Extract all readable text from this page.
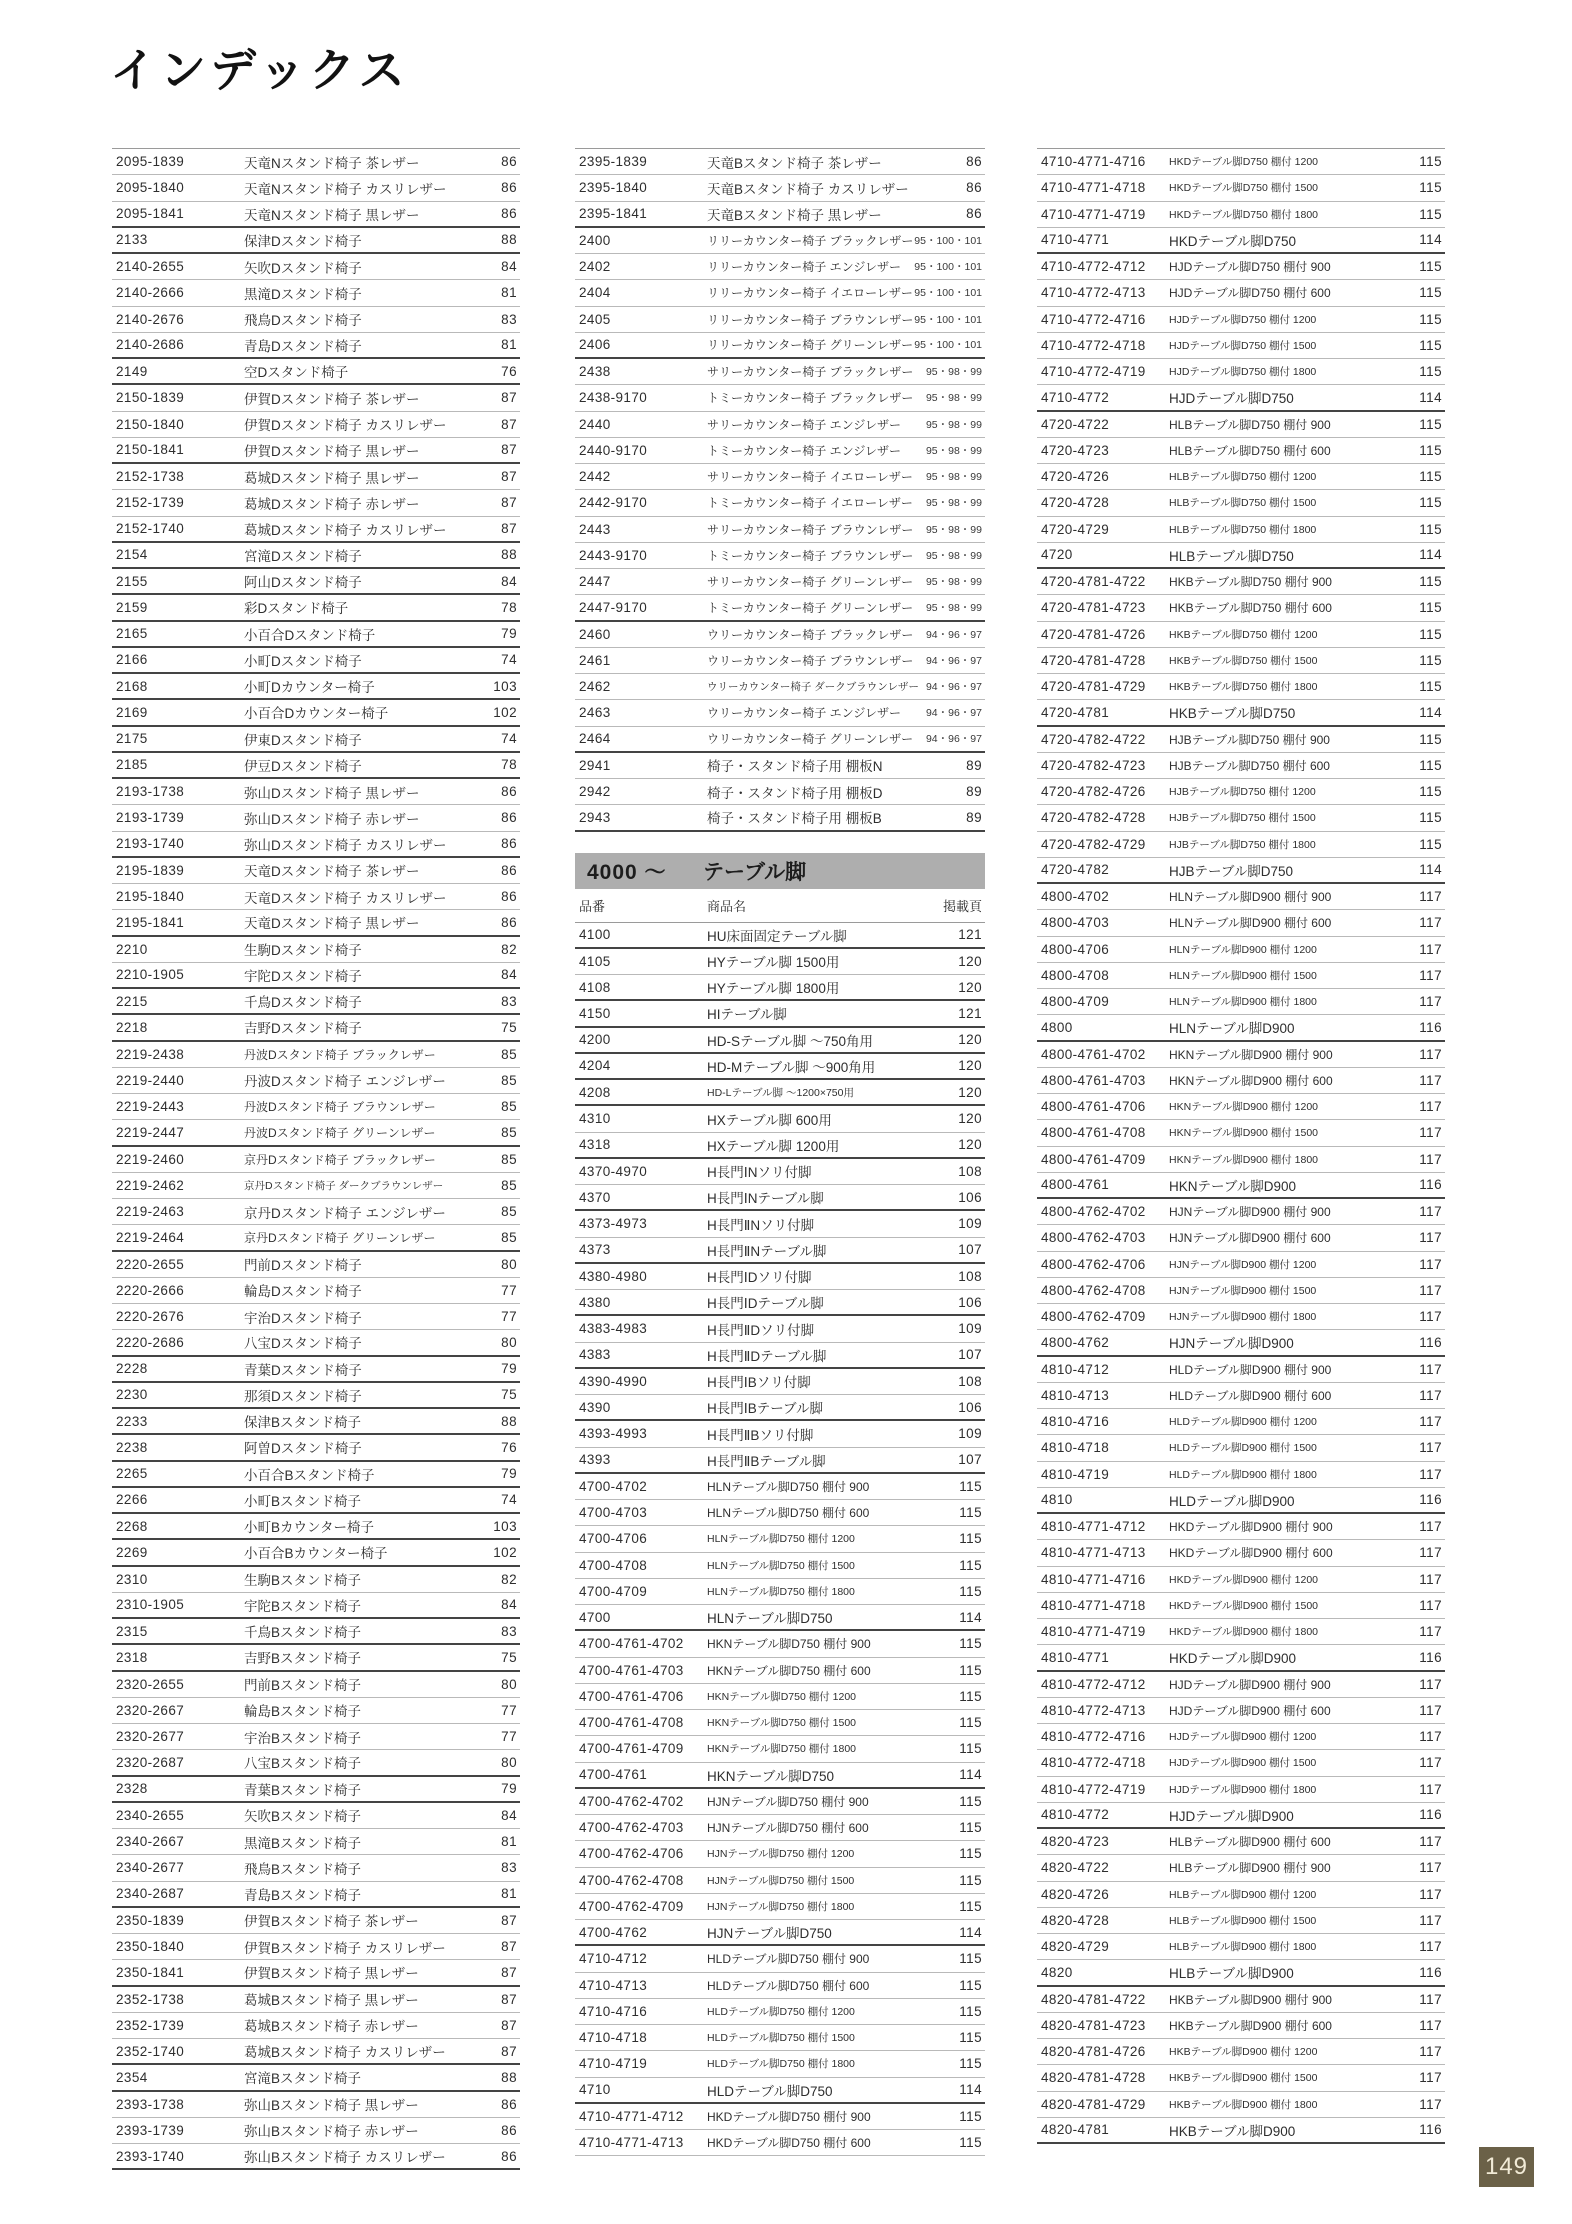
インデックス
2095-1839	天竜Nスタンド椅子 茶レザー	86
2095-1840	天竜Nスタンド椅子 カスリレザー	86
2095-1841	天竜Nスタンド椅子 黒レザー	86
2133	保津Dスタンド椅子	88
2140-2655	矢吹Dスタンド椅子	84
2140-2666	黒滝Dスタンド椅子	81
2140-2676	飛鳥Dスタンド椅子	83
2140-2686	青島Dスタンド椅子	81
2149	空Dスタンド椅子	76
2150-1839	伊賀Dスタンド椅子 茶レザー	87
2150-1840	伊賀Dスタンド椅子 カスリレザー	87
2150-1841	伊賀Dスタンド椅子 黒レザー	87
2152-1738	葛城Dスタンド椅子 黒レザー	87
2152-1739	葛城Dスタンド椅子 赤レザー	87
2152-1740	葛城Dスタンド椅子 カスリレザー	87
2154	宮滝Dスタンド椅子	88
2155	阿山Dスタンド椅子	84
2159	彩Dスタンド椅子	78
2165	小百合Dスタンド椅子	79
2166	小町Dスタンド椅子	74
2168	小町Dカウンター椅子	103
2169	小百合Dカウンター椅子	102
2175	伊東Dスタンド椅子	74
2185	伊豆Dスタンド椅子	78
2193-1738	弥山Dスタンド椅子 黒レザー	86
2193-1739	弥山Dスタンド椅子 赤レザー	86
2193-1740	弥山Dスタンド椅子 カスリレザー	86
2195-1839	天竜Dスタンド椅子 茶レザー	86
2195-1840	天竜Dスタンド椅子 カスリレザー	86
2195-1841	天竜Dスタンド椅子 黒レザー	86
2210	生駒Dスタンド椅子	82
2210-1905	宇陀Dスタンド椅子	84
2215	千鳥Dスタンド椅子	83
2218	吉野Dスタンド椅子	75
2219-2438	丹波Dスタンド椅子 ブラックレザー	85
2219-2440	丹波Dスタンド椅子 エンジレザー	85
2219-2443	丹波Dスタンド椅子 ブラウンレザー	85
2219-2447	丹波Dスタンド椅子 グリーンレザー	85
2219-2460	京丹Dスタンド椅子 ブラックレザー	85
2219-2462	京丹Dスタンド椅子 ダークブラウンレザー	85
2219-2463	京丹Dスタンド椅子 エンジレザー	85
2219-2464	京丹Dスタンド椅子 グリーンレザー	85
2220-2655	門前Dスタンド椅子	80
2220-2666	輪島Dスタンド椅子	77
2220-2676	宇治Dスタンド椅子	77
2220-2686	八宝Dスタンド椅子	80
2228	青葉Dスタンド椅子	79
2230	那須Dスタンド椅子	75
2233	保津Bスタンド椅子	88
2238	阿曽Dスタンド椅子	76
2265	小百合Bスタンド椅子	79
2266	小町Bスタンド椅子	74
2268	小町Bカウンター椅子	103
2269	小百合Bカウンター椅子	102
2310	生駒Bスタンド椅子	82
2310-1905	宇陀Bスタンド椅子	84
2315	千鳥Bスタンド椅子	83
2318	吉野Bスタンド椅子	75
2320-2655	門前Bスタンド椅子	80
2320-2667	輪島Bスタンド椅子	77
2320-2677	宇治Bスタンド椅子	77
2320-2687	八宝Bスタンド椅子	80
2328	青葉Bスタンド椅子	79
2340-2655	矢吹Bスタンド椅子	84
2340-2667	黒滝Bスタンド椅子	81
2340-2677	飛鳥Bスタンド椅子	83
2340-2687	青島Bスタンド椅子	81
2350-1839	伊賀Bスタンド椅子 茶レザー	87
2350-1840	伊賀Bスタンド椅子 カスリレザー	87
2350-1841	伊賀Bスタンド椅子 黒レザー	87
2352-1738	葛城Bスタンド椅子 黒レザー	87
2352-1739	葛城Bスタンド椅子 赤レザー	87
2352-1740	葛城Bスタンド椅子 カスリレザー	87
2354	宮滝Bスタンド椅子	88
2393-1738	弥山Bスタンド椅子 黒レザー	86
2393-1739	弥山Bスタンド椅子 赤レザー	86
2393-1740	弥山Bスタンド椅子 カスリレザー	86
2395-1839	天竜Bスタンド椅子 茶レザー	86
2395-1840	天竜Bスタンド椅子 カスリレザー	86
2395-1841	天竜Bスタンド椅子 黒レザー	86
2400	リリーカウンター椅子 ブラックレザー 95・100・101
2402	リリーカウンター椅子 エンジレザー	95・100・101
2404	リリーカウンター椅子 イエローレザー 95・100・101
2405	リリーカウンター椅子 ブラウンレザー 95・100・101
2406	リリーカウンター椅子 グリーンレザー 95・100・101
2438	サリーカウンター椅子 ブラックレザー	95・98・99
2438-9170	トミーカウンター椅子 ブラックレザー	95・98・99
2440	サリーカウンター椅子 エンジレザー	95・98・99
2440-9170	トミーカウンター椅子 エンジレザー	95・98・99
2442	サリーカウンター椅子 イエローレザー	95・98・99
2442-9170	トミーカウンター椅子 イエローレザー	95・98・99
2443	サリーカウンター椅子 ブラウンレザー	95・98・99
2443-9170	トミーカウンター椅子 ブラウンレザー	95・98・99
2447	サリーカウンター椅子 グリーンレザー	95・98・99
2447-9170	トミーカウンター椅子 グリーンレザー	95・98・99
2460	ウリーカウンター椅子 ブラックレザー	94・96・97
2461	ウリーカウンター椅子 ブラウンレザー	94・96・97
2462	ウリーカウンター椅子 ダークブラウンレザー 94・96・97
2463	ウリーカウンター椅子 エンジレザー	94・96・97
2464	ウリーカウンター椅子 グリーンレザー	94・96・97
2941	椅子・スタンド椅子用 棚板N	89
2942	椅子・スタンド椅子用 棚板D	89
2943	椅子・スタンド椅子用 棚板B	89
4000 ～	テーブル脚
品番	商品名	掲載頁
4100	HU床面固定テーブル脚	121
4105	HYテーブル脚 1500用	120
4108	HYテーブル脚 1800用	120
4150	HIテーブル脚	121
4200	HD-Sテーブル脚 ～750角用	120
4204	HD-Mテーブル脚 ～900角用	120
4208	HD-Lテーブル脚 ～1200×750用	120
4310	HXテーブル脚 600用	120
4318	HXテーブル脚 1200用	120
4370-4970	H長門ⅠNソリ付脚	108
4370	H長門ⅠNテーブル脚	106
4373-4973	H長門ⅡNソリ付脚	109
4373	H長門ⅡNテーブル脚	107
4380-4980	H長門ⅠDソリ付脚	108
4380	H長門ⅠDテーブル脚	106
4383-4983	H長門ⅡDソリ付脚	109
4383	H長門ⅡDテーブル脚	107
4390-4990	H長門ⅠBソリ付脚	108
4390	H長門ⅠBテーブル脚	106
4393-4993	H長門ⅡBソリ付脚	109
4393	H長門ⅡBテーブル脚	107
4700-4702	HLNテーブル脚D750 棚付 900	115
4700-4703	HLNテーブル脚D750 棚付 600	115
4700-4706	HLNテーブル脚D750 棚付 1200	115
4700-4708	HLNテーブル脚D750 棚付 1500	115
4700-4709	HLNテーブル脚D750 棚付 1800	115
4700	HLNテーブル脚D750	114
4700-4761-4702	HKNテーブル脚D750 棚付 900	115
4700-4761-4703	HKNテーブル脚D750 棚付 600	115
4700-4761-4706	HKNテーブル脚D750 棚付 1200	115
4700-4761-4708	HKNテーブル脚D750 棚付 1500	115
4700-4761-4709	HKNテーブル脚D750 棚付 1800	115
4700-4761	HKNテーブル脚D750	114
4700-4762-4702	HJNテーブル脚D750 棚付 900	115
4700-4762-4703	HJNテーブル脚D750 棚付 600	115
4700-4762-4706	HJNテーブル脚D750 棚付 1200	115
4700-4762-4708	HJNテーブル脚D750 棚付 1500	115
4700-4762-4709	HJNテーブル脚D750 棚付 1800	115
4700-4762	HJNテーブル脚D750	114
4710-4712	HLDテーブル脚D750 棚付 900	115
4710-4713	HLDテーブル脚D750 棚付 600	115
4710-4716	HLDテーブル脚D750 棚付 1200	115
4710-4718	HLDテーブル脚D750 棚付 1500	115
4710-4719	HLDテーブル脚D750 棚付 1800	115
4710	HLDテーブル脚D750	114
4710-4771-4712	HKDテーブル脚D750 棚付 900	115
4710-4771-4713	HKDテーブル脚D750 棚付 600	115
4710-4771-4716	HKDテーブル脚D750 棚付 1200	115
4710-4771-4718	HKDテーブル脚D750 棚付 1500	115
4710-4771-4719	HKDテーブル脚D750 棚付 1800	115
4710-4771	HKDテーブル脚D750	114
4710-4772-4712	HJDテーブル脚D750 棚付 900	115
4710-4772-4713	HJDテーブル脚D750 棚付 600	115
4710-4772-4716	HJDテーブル脚D750 棚付 1200	115
4710-4772-4718	HJDテーブル脚D750 棚付 1500	115
4710-4772-4719	HJDテーブル脚D750 棚付 1800	115
4710-4772	HJDテーブル脚D750	114
4720-4722	HLBテーブル脚D750 棚付 900	115
4720-4723	HLBテーブル脚D750 棚付 600	115
4720-4726	HLBテーブル脚D750 棚付 1200	115
4720-4728	HLBテーブル脚D750 棚付 1500	115
4720-4729	HLBテーブル脚D750 棚付 1800	115
4720	HLBテーブル脚D750	114
4720-4781-4722	HKBテーブル脚D750 棚付 900	115
4720-4781-4723	HKBテーブル脚D750 棚付 600	115
4720-4781-4726	HKBテーブル脚D750 棚付 1200	115
4720-4781-4728	HKBテーブル脚D750 棚付 1500	115
4720-4781-4729	HKBテーブル脚D750 棚付 1800	115
4720-4781	HKBテーブル脚D750	114
4720-4782-4722	HJBテーブル脚D750 棚付 900	115
4720-4782-4723	HJBテーブル脚D750 棚付 600	115
4720-4782-4726	HJBテーブル脚D750 棚付 1200	115
4720-4782-4728	HJBテーブル脚D750 棚付 1500	115
4720-4782-4729	HJBテーブル脚D750 棚付 1800	115
4720-4782	HJBテーブル脚D750	114
4800-4702	HLNテーブル脚D900 棚付 900	117
4800-4703	HLNテーブル脚D900 棚付 600	117
4800-4706	HLNテーブル脚D900 棚付 1200	117
4800-4708	HLNテーブル脚D900 棚付 1500	117
4800-4709	HLNテーブル脚D900 棚付 1800	117
4800	HLNテーブル脚D900	116
4800-4761-4702	HKNテーブル脚D900 棚付 900	117
4800-4761-4703	HKNテーブル脚D900 棚付 600	117
4800-4761-4706	HKNテーブル脚D900 棚付 1200	117
4800-4761-4708	HKNテーブル脚D900 棚付 1500	117
4800-4761-4709	HKNテーブル脚D900 棚付 1800	117
4800-4761	HKNテーブル脚D900	116
4800-4762-4702	HJNテーブル脚D900 棚付 900	117
4800-4762-4703	HJNテーブル脚D900 棚付 600	117
4800-4762-4706	HJNテーブル脚D900 棚付 1200	117
4800-4762-4708	HJNテーブル脚D900 棚付 1500	117
4800-4762-4709	HJNテーブル脚D900 棚付 1800	117
4800-4762	HJNテーブル脚D900	116
4810-4712	HLDテーブル脚D900 棚付 900	117
4810-4713	HLDテーブル脚D900 棚付 600	117
4810-4716	HLDテーブル脚D900 棚付 1200	117
4810-4718	HLDテーブル脚D900 棚付 1500	117
4810-4719	HLDテーブル脚D900 棚付 1800	117
4810	HLDテーブル脚D900	116
4810-4771-4712	HKDテーブル脚D900 棚付 900	117
4810-4771-4713	HKDテーブル脚D900 棚付 600	117
4810-4771-4716	HKDテーブル脚D900 棚付 1200	117
4810-4771-4718	HKDテーブル脚D900 棚付 1500	117
4810-4771-4719	HKDテーブル脚D900 棚付 1800	117
4810-4771	HKDテーブル脚D900	116
4810-4772-4712	HJDテーブル脚D900 棚付 900	117
4810-4772-4713	HJDテーブル脚D900 棚付 600	117
4810-4772-4716	HJDテーブル脚D900 棚付 1200	117
4810-4772-4718	HJDテーブル脚D900 棚付 1500	117
4810-4772-4719	HJDテーブル脚D900 棚付 1800	117
4810-4772	HJDテーブル脚D900	116
4820-4723	HLBテーブル脚D900 棚付 600	117
4820-4722	HLBテーブル脚D900 棚付 900	117
4820-4726	HLBテーブル脚D900 棚付 1200	117
4820-4728	HLBテーブル脚D900 棚付 1500	117
4820-4729	HLBテーブル脚D900 棚付 1800	117
4820	HLBテーブル脚D900	116
4820-4781-4722	HKBテーブル脚D900 棚付 900	117
4820-4781-4723	HKBテーブル脚D900 棚付 600	117
4820-4781-4726	HKBテーブル脚D900 棚付 1200	117
4820-4781-4728	HKBテーブル脚D900 棚付 1500	117
4820-4781-4729	HKBテーブル脚D900 棚付 1800	117
4820-4781	HKBテーブル脚D900	116
149
